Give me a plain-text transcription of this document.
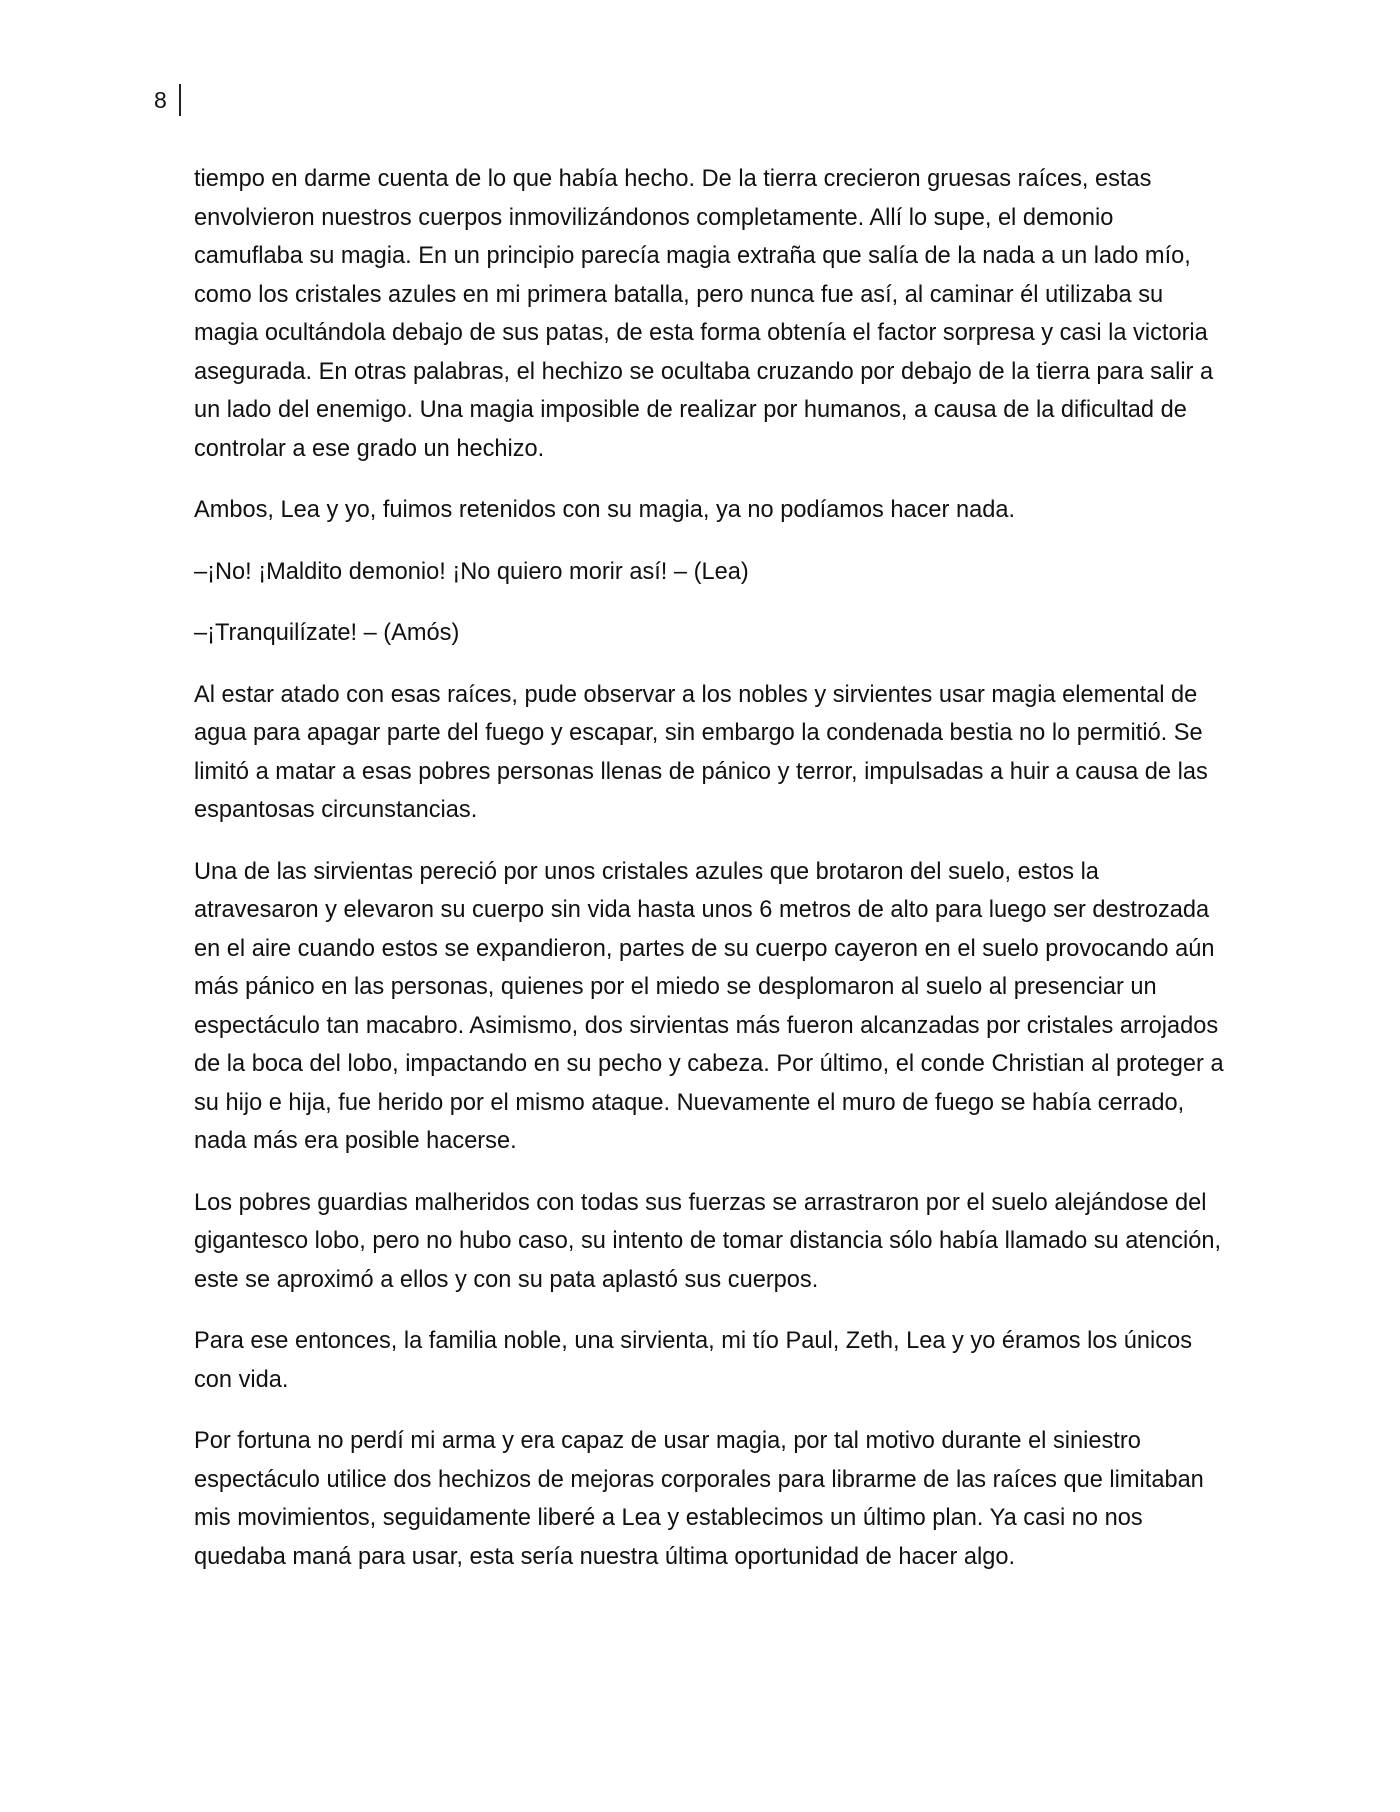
8

tiempo en darme cuenta de lo que había hecho. De la tierra crecieron gruesas raíces, estas envolvieron nuestros cuerpos inmovilizándonos completamente. Allí lo supe, el demonio camuflaba su magia. En un principio parecía magia extraña que salía de la nada a un lado mío, como los cristales azules en mi primera batalla, pero nunca fue así, al caminar él utilizaba su magia ocultándola debajo de sus patas, de esta forma obtenía el factor sorpresa y casi la victoria asegurada. En otras palabras, el hechizo se ocultaba cruzando por debajo de la tierra para salir a un lado del enemigo. Una magia imposible de realizar por humanos, a causa de la dificultad de controlar a ese grado un hechizo.

Ambos, Lea y yo, fuimos retenidos con su magia, ya no podíamos hacer nada.

–¡No! ¡Maldito demonio! ¡No quiero morir así! – (Lea)

–¡Tranquilízate! – (Amós)

Al estar atado con esas raíces, pude observar a los nobles y sirvientes usar magia elemental de agua para apagar parte del fuego y escapar, sin embargo la condenada bestia no lo permitió. Se limitó a matar a esas pobres personas llenas de pánico y terror, impulsadas a huir a causa de las espantosas circunstancias.

Una de las sirvientas pereció por unos cristales azules que brotaron del suelo, estos la atravesaron y elevaron su cuerpo sin vida hasta unos 6 metros de alto para luego ser destrozada en el aire cuando estos se expandieron, partes de su cuerpo cayeron en el suelo provocando aún más pánico en las personas, quienes por el miedo se desplomaron al suelo al presenciar un espectáculo tan macabro. Asimismo, dos sirvientas más fueron alcanzadas por cristales arrojados de la boca del lobo, impactando en su pecho y cabeza. Por último, el conde Christian al proteger a su hijo e hija, fue herido por el mismo ataque. Nuevamente el muro de fuego se había cerrado, nada más era posible hacerse.

Los pobres guardias malheridos con todas sus fuerzas se arrastraron por el suelo alejándose del gigantesco lobo, pero no hubo caso, su intento de tomar distancia sólo había llamado su atención, este se aproximó a ellos y con su pata aplastó sus cuerpos.

Para ese entonces, la familia noble, una sirvienta, mi tío Paul, Zeth, Lea y yo éramos los únicos con vida.

Por fortuna no perdí mi arma y era capaz de usar magia, por tal motivo durante el siniestro espectáculo utilice dos hechizos de mejoras corporales para librarme de las raíces que limitaban mis movimientos, seguidamente liberé a Lea y establecimos un último plan. Ya casi no nos quedaba maná para usar, esta sería nuestra última oportunidad de hacer algo.
